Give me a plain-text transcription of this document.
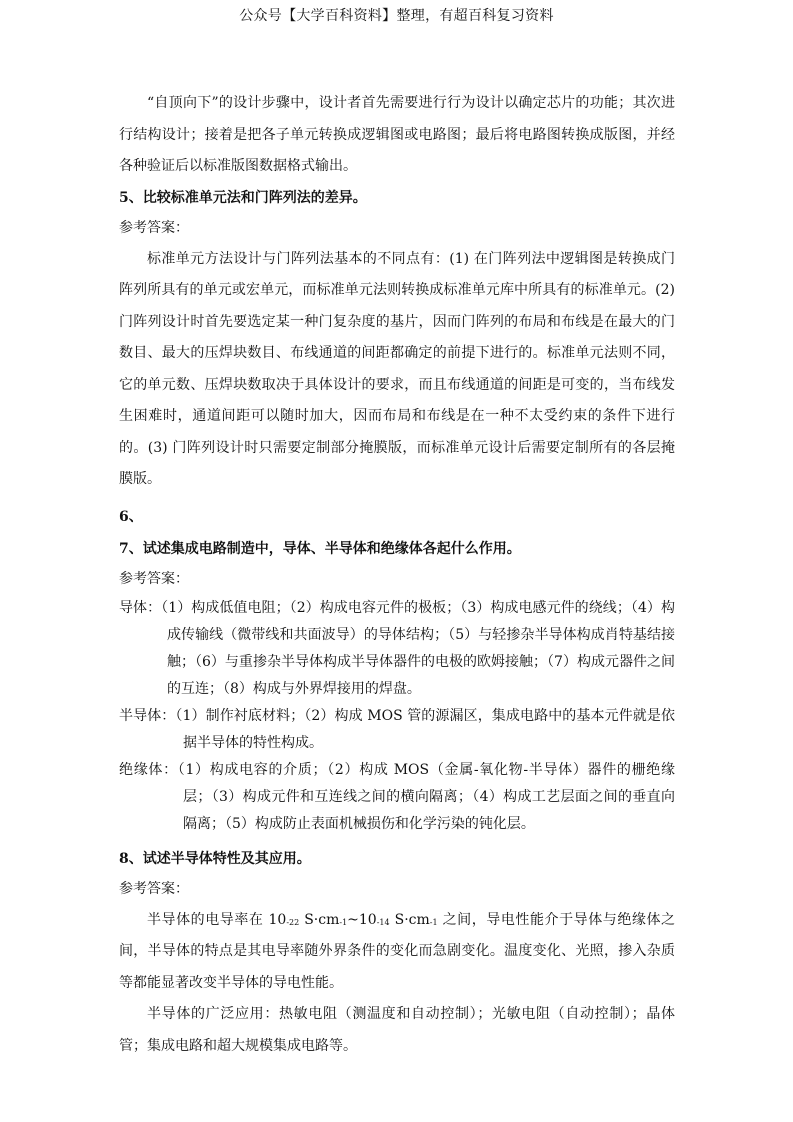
公众号【大学百科资料】整理，有超百科复习资料

“自顶向下”的设计步骤中，设计者首先需要进行行为设计以确定芯片的功能；其次进行结构设计；接着是把各子单元转换成逻辑图或电路图；最后将电路图转换成版图，并经各种验证后以标准版图数据格式输出。

5、比较标准单元法和门阵列法的差异。
参考答案：

标准单元方法设计与门阵列法基本的不同点有：(1) 在门阵列法中逻辑图是转换成门阵列所具有的单元或宏单元，而标准单元法则转换成标准单元库中所具有的标准单元。(2) 门阵列设计时首先要选定某一种门复杂度的基片，因而门阵列的布局和布线是在最大的门数目、最大的压焊块数目、布线通道的间距都确定的前提下进行的。标准单元法则不同，它的单元数、压焊块数取决于具体设计的要求，而且布线通道的间距是可变的，当布线发生困难时，通道间距可以随时加大，因而布局和布线是在一种不太受约束的条件下进行的。(3) 门阵列设计时只需要定制部分掩膜版，而标准单元设计后需要定制所有的各层掩膜版。

6、
7、试述集成电路制造中，导体、半导体和绝缘体各起什么作用。
参考答案：

导体：（1）构成低值电阻；（2）构成电容元件的极板；（3）构成电感元件的绕线；（4）构成传输线（微带线和共面波导）的导体结构；（5）与轻掺杂半导体构成肖特基结接触；（6）与重掺杂半导体构成半导体器件的电极的欧姆接触；（7）构成元器件之间的互连；（8）构成与外界焊接用的焊盘。

半导体：（1）制作衬底材料；（2）构成 MOS 管的源漏区，集成电路中的基本元件就是依据半导体的特性构成。

绝缘体：（1）构成电容的介质；（2）构成 MOS（金属-氧化物-半导体）器件的栅绝缘层；（3）构成元件和互连线之间的横向隔离；（4）构成工艺层面之间的垂直向隔离；（5）构成防止表面机械损伤和化学污染的钝化层。

8、试述半导体特性及其应用。
参考答案：

半导体的电导率在 $10_{-22}$ $S\cdot cm_{-1}\sim 10_{-14}$ $S\cdot cm_{-1}$ 之间，导电性能介于导体与绝缘体之间，半导体的特点是其电导率随外界条件的变化而急剧变化。温度变化、光照，掺入杂质等都能显著改变半导体的导电性能。

半导体的广泛应用：热敏电阻（测温度和自动控制）；光敏电阻（自动控制）；晶体管；集成电路和超大规模集成电路等。
